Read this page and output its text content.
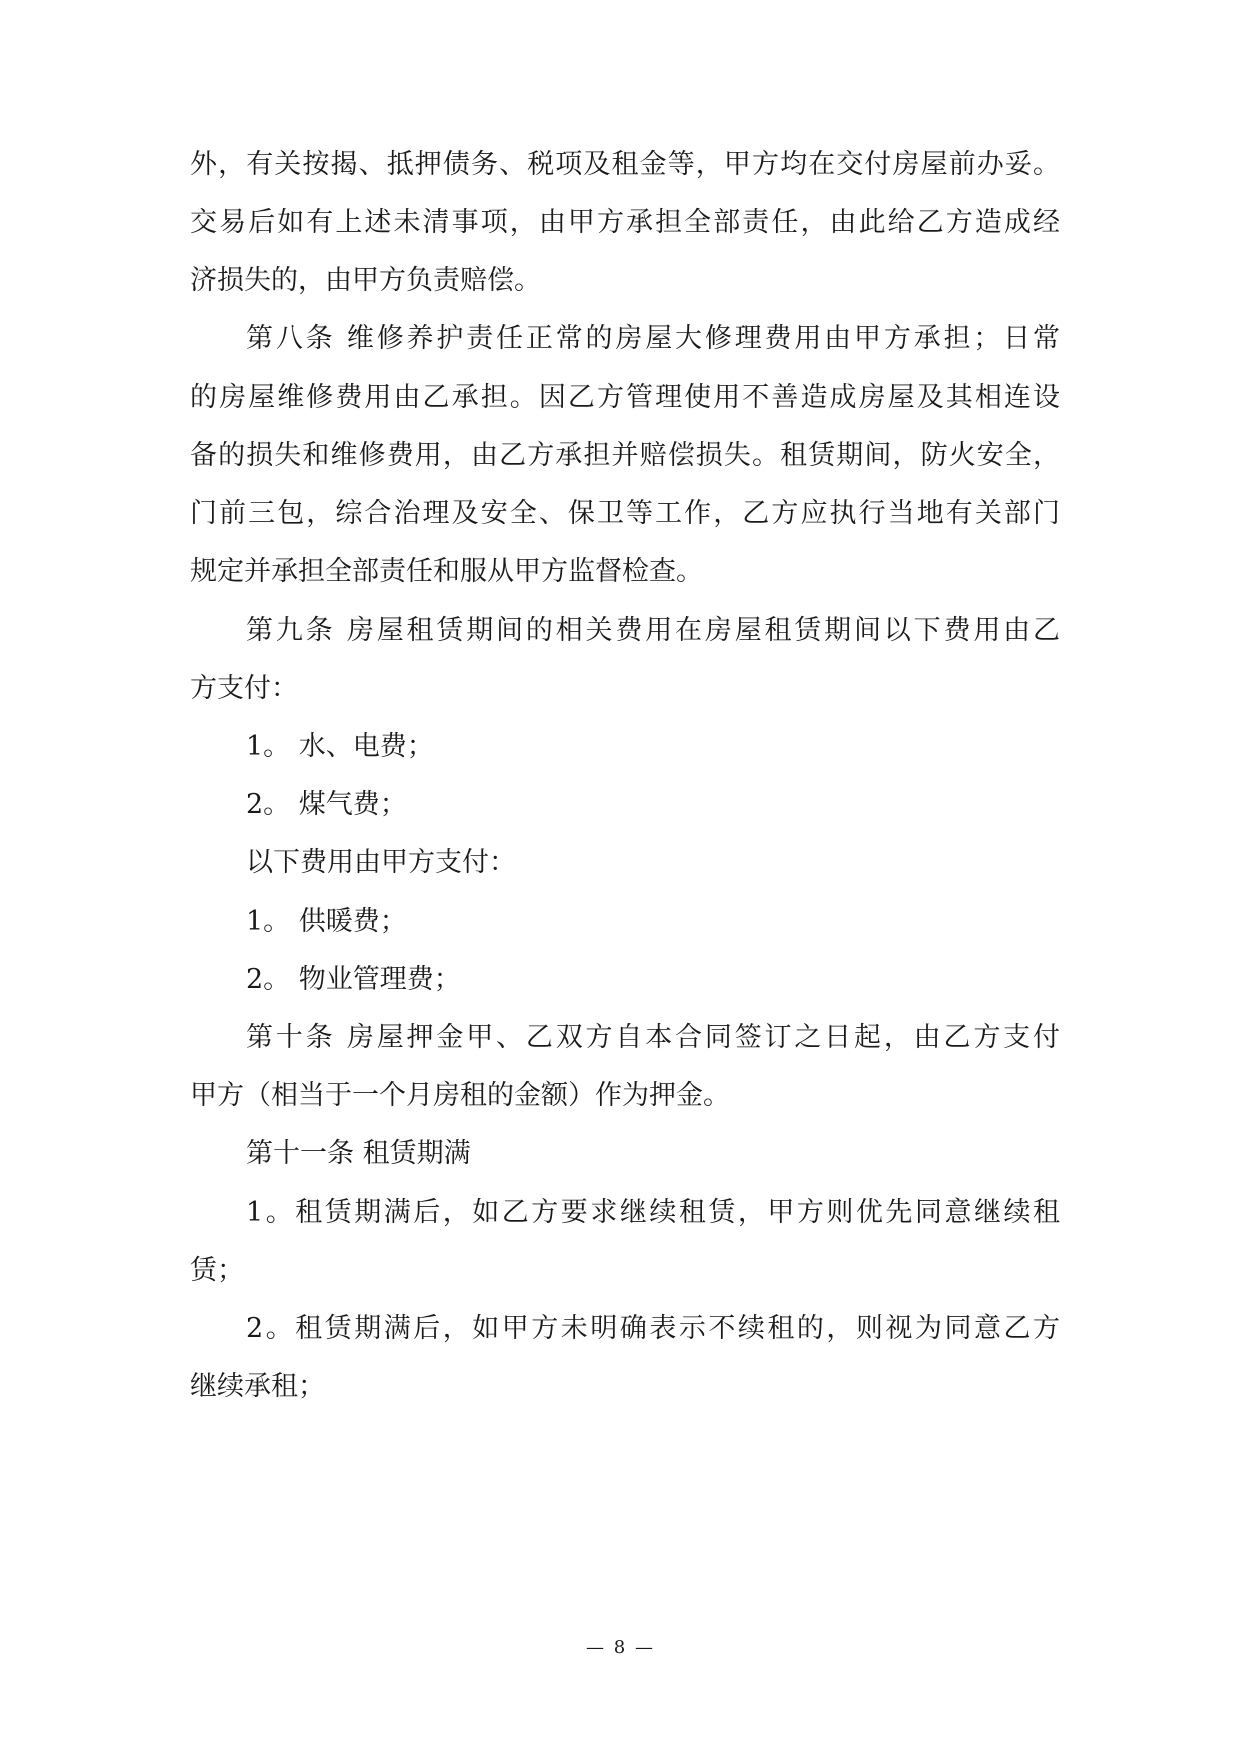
外，有关按揭、抵押债务、税项及租金等，甲方均在交付房屋前办妥。

交易后如有上述未清事项，由甲方承担全部责任，由此给乙方造成经

济损失的，由甲方负责赔偿。

第八条 维修养护责任正常的房屋大修理费用由甲方承担；日常

的房屋维修费用由乙承担。因乙方管理使用不善造成房屋及其相连设

备的损失和维修费用，由乙方承担并赔偿损失。租赁期间，防火安全，

门前三包，综合治理及安全、保卫等工作，乙方应执行当地有关部门

规定并承担全部责任和服从甲方监督检查。

第九条 房屋租赁期间的相关费用在房屋租赁期间以下费用由乙

方支付：

1。 水、电费；

2。 煤气费；

以下费用由甲方支付：

1。 供暖费；

2。 物业管理费；

第十条 房屋押金甲、乙双方自本合同签订之日起，由乙方支付

甲方（相当于一个月房租的金额）作为押金。

第十一条 租赁期满

1。租赁期满后，如乙方要求继续租赁，甲方则优先同意继续租

赁；

2。租赁期满后，如甲方未明确表示不续租的，则视为同意乙方

继续承租；

— 8 —
